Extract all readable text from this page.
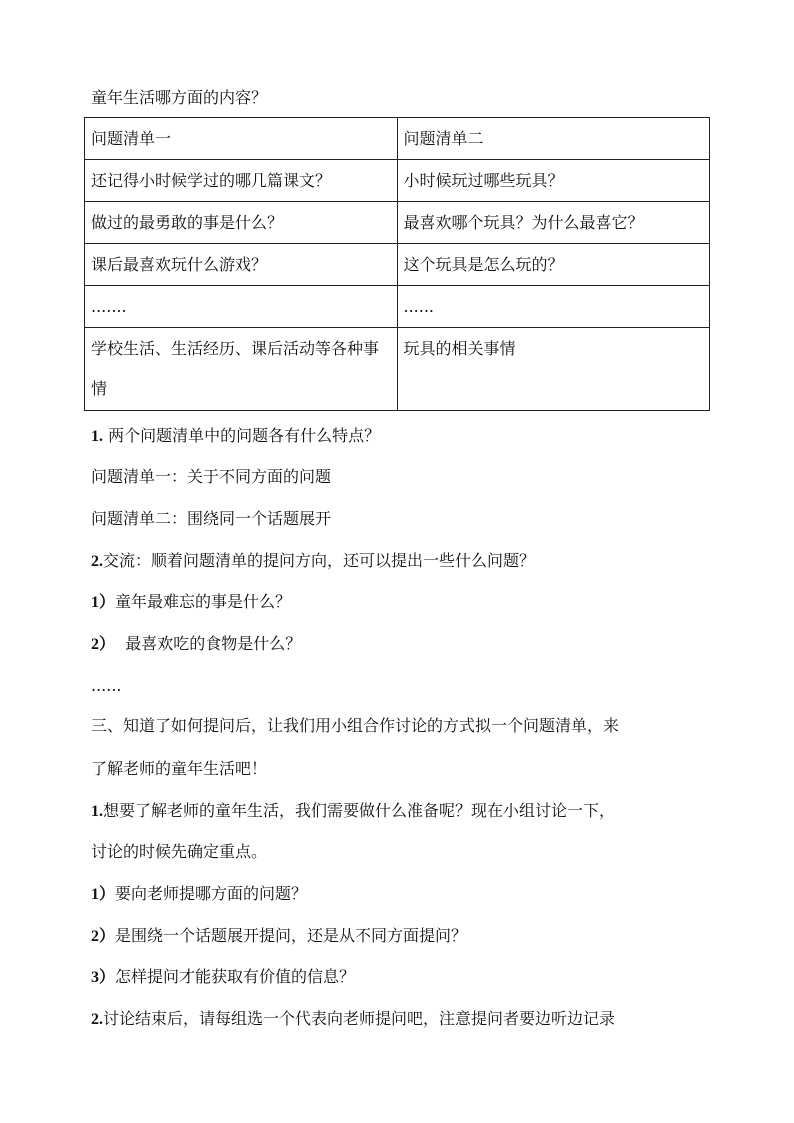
童年生活哪方面的内容？
问题清单一	问题清单二
还记得小时候学过的哪几篇课文？	小时候玩过哪些玩具？
做过的最勇敢的事是什么？	最喜欢哪个玩具？为什么最喜它？
课后最喜欢玩什么游戏？	这个玩具是怎么玩的？
.......	......
学校生活、生活经历、课后活动等各种事情	玩具的相关事情
1. 两个问题清单中的问题各有什么特点？
问题清单一：关于不同方面的问题
问题清单二：围绕同一个话题展开
2.交流：顺着问题清单的提问方向，还可以提出一些什么问题？
1）童年最难忘的事是什么？
2） 最喜欢吃的食物是什么？
......
三、知道了如何提问后，让我们用小组合作讨论的方式拟一个问题清单，来
了解老师的童年生活吧！
1.想要了解老师的童年生活，我们需要做什么准备呢？现在小组讨论一下，
讨论的时候先确定重点。
1）要向老师提哪方面的问题？
2）是围绕一个话题展开提问，还是从不同方面提问？
3）怎样提问才能获取有价值的信息？
2.讨论结束后，请每组选一个代表向老师提问吧，注意提问者要边听边记录
